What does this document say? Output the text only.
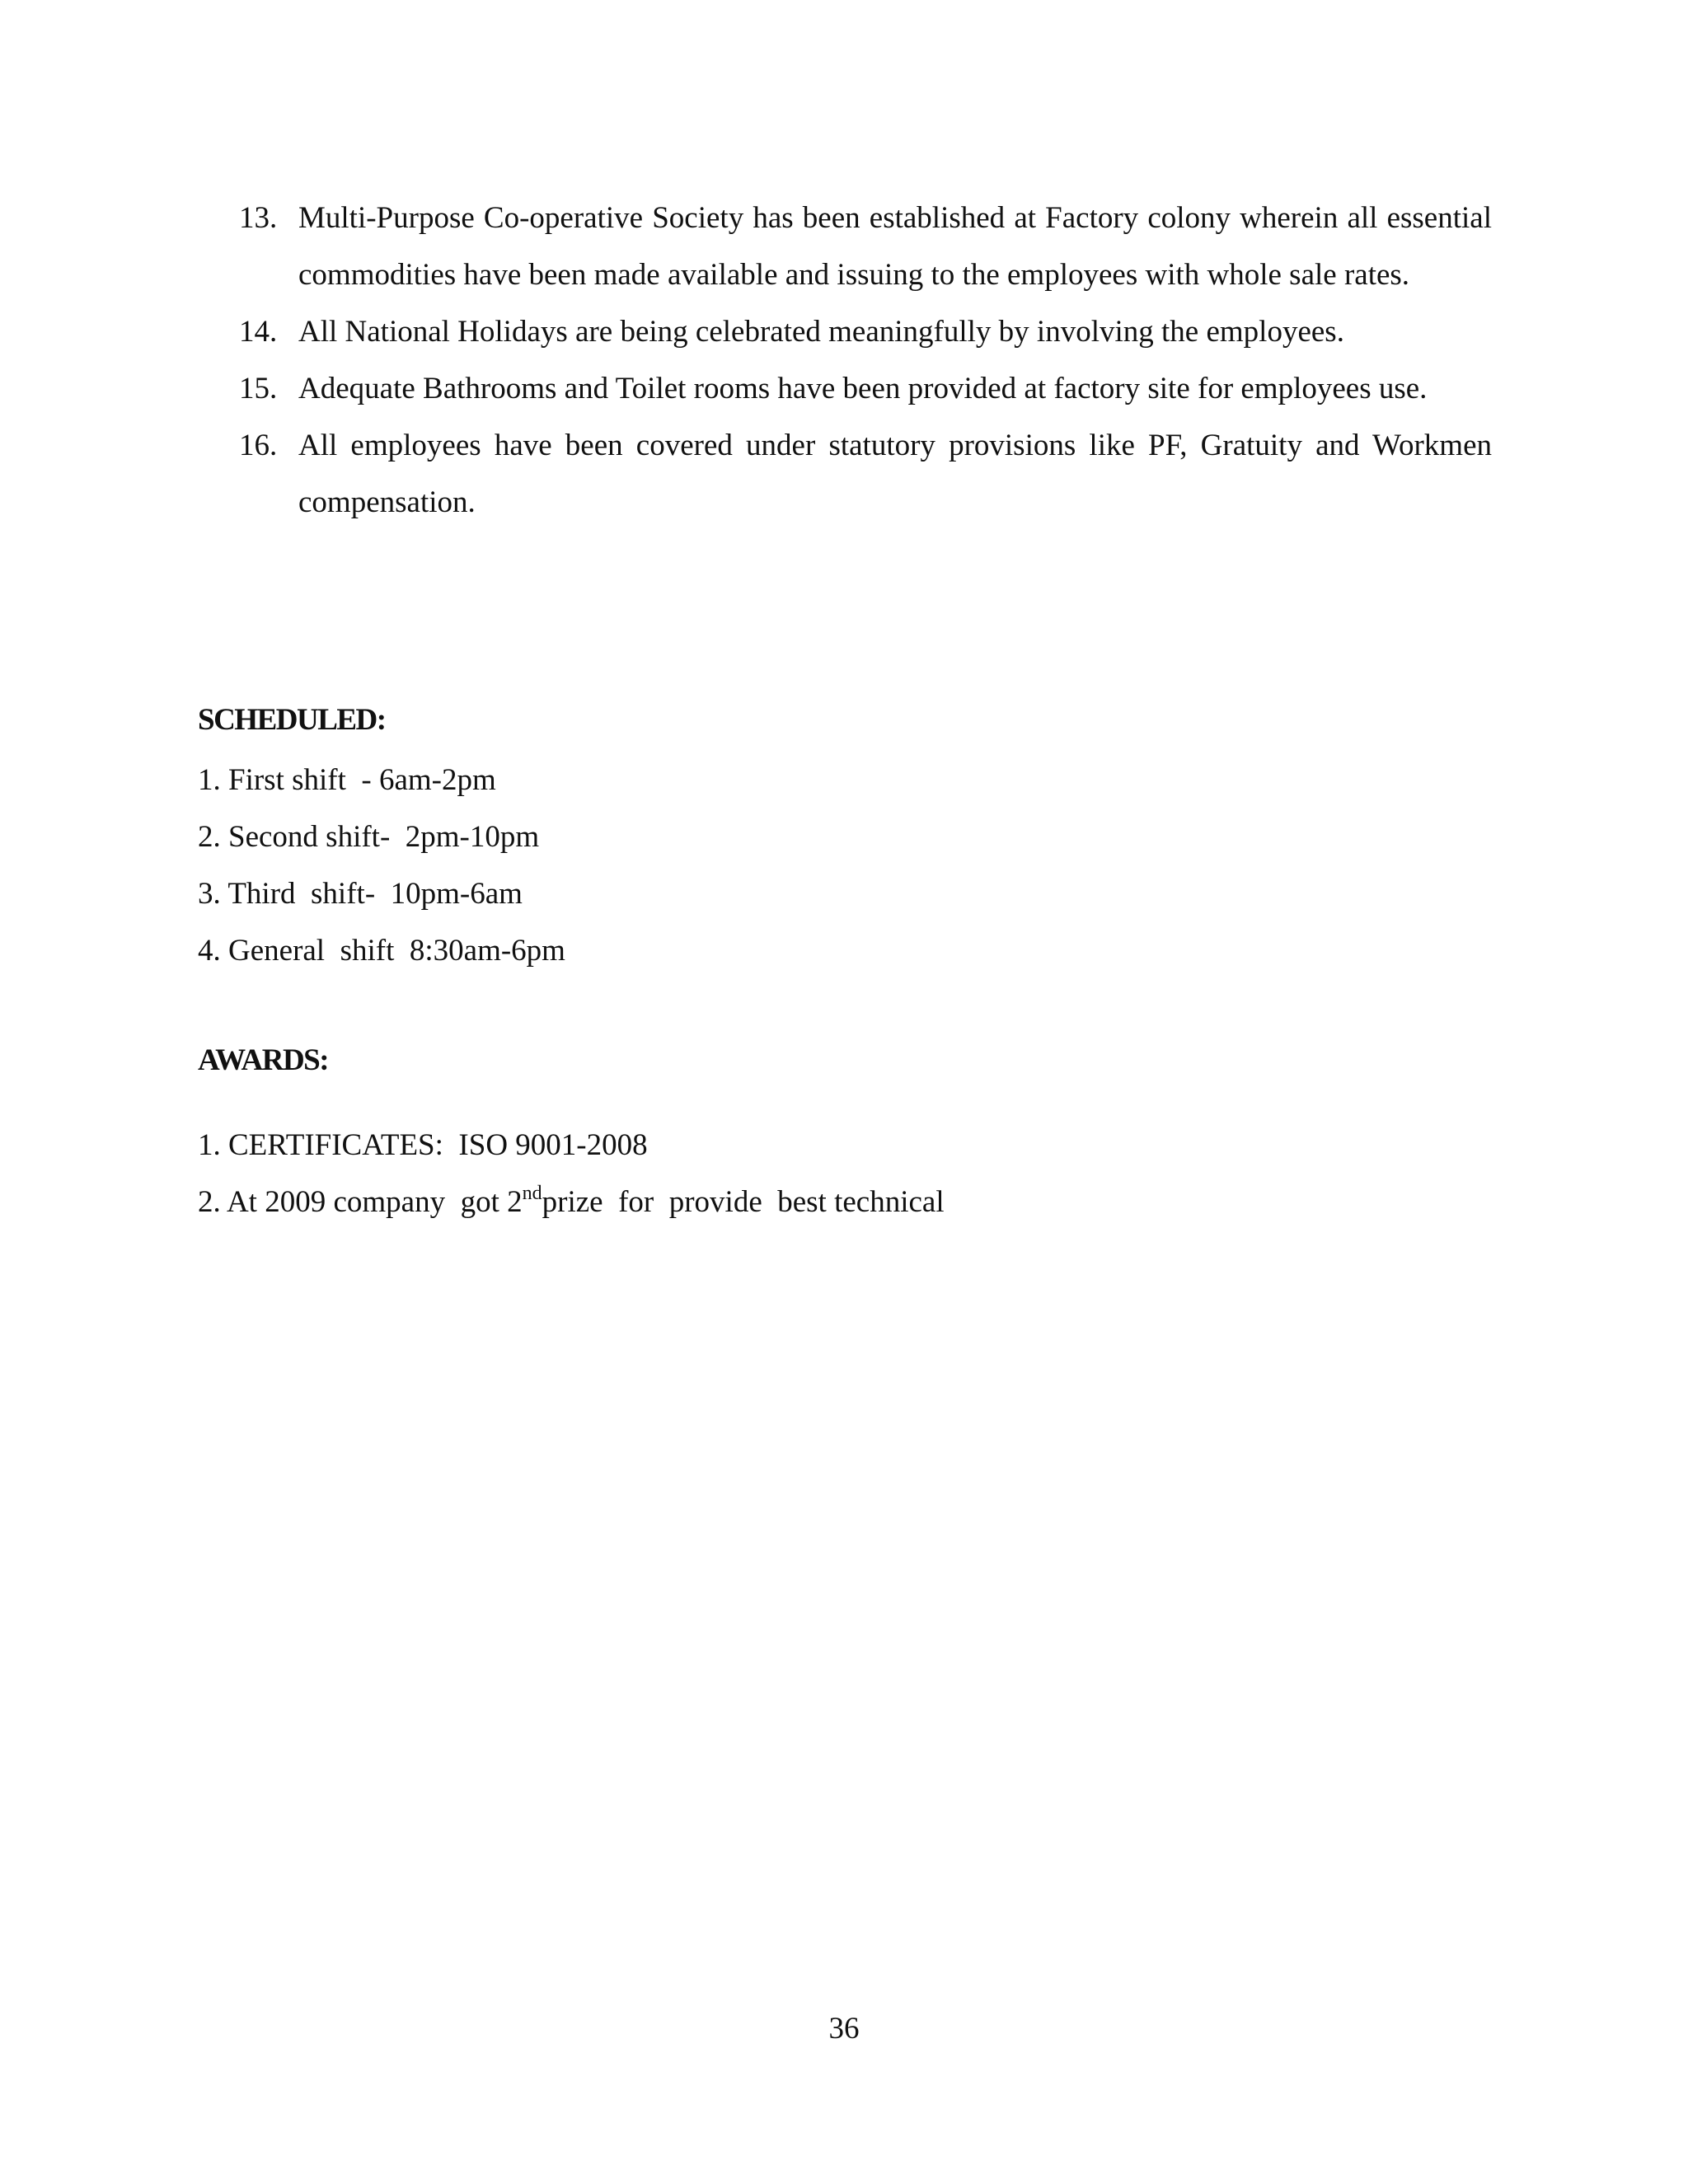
13. Multi-Purpose Co-operative Society has been established at Factory colony wherein all essential commodities have been made available and issuing to the employees with whole sale rates.
14. All National Holidays are being celebrated meaningfully by involving the employees.
15. Adequate Bathrooms and Toilet rooms have been provided at factory site for employees use.
16. All employees have been covered under statutory provisions like PF, Gratuity and Workmen compensation.
SCHEDULED:
1. First shift  - 6am-2pm
2. Second shift-  2pm-10pm
3. Third  shift-  10pm-6am
4. General  shift  8:30am-6pm
AWARDS:
1. CERTIFICATES:  ISO 9001-2008
2. At 2009 company  got 2ndprize  for  provide  best technical
36
